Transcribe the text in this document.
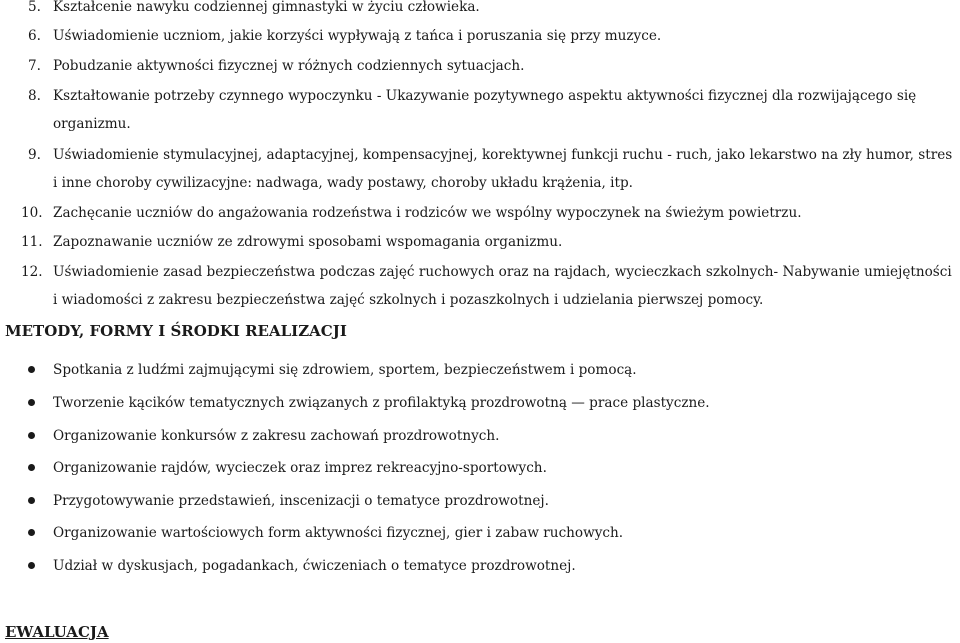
5. Kształcenie nawyku codziennej gimnastyki w życiu człowieka.
6. Uświadomienie uczniom, jakie korzyści wypływają z tańca i poruszania się przy muzyce.
7. Pobudzanie aktywności fizycznej w różnych codziennych sytuacjach.
8. Kształtowanie potrzeby czynnego wypoczynku - Ukazywanie pozytywnego aspektu aktywności fizycznej dla rozwijającego się organizmu.
9. Uświadomienie stymulacyjnej, adaptacyjnej, kompensacyjnej, korektywnej funkcji ruchu - ruch, jako lekarstwo na zły humor, stres i inne choroby cywilizacyjne: nadwaga, wady postawy, choroby układu krążenia, itp.
10. Zachęcanie uczniów do angażowania rodzeństwa i rodziców we wspólny wypoczynek na świeżym powietrzu.
11. Zapoznawanie uczniów ze zdrowymi sposobami wspomagania organizmu.
12. Uświadomienie zasad bezpieczeństwa podczas zajęć ruchowych oraz na rajdach, wycieczkach szkolnych- Nabywanie umiejętności i wiadomości z zakresu bezpieczeństwa zajęć szkolnych i pozaszkolnych i udzielania pierwszej pomocy.
METODY, FORMY I ŚRODKI REALIZACJI
Spotkania z ludźmi zajmującymi się zdrowiem, sportem, bezpieczeństwem i pomocą.
Tworzenie kącików tematycznych związanych z profilaktyką prozdrowotną — prace plastyczne.
Organizowanie konkursów z zakresu zachowań prozdrowotnych.
Organizowanie rajdów, wycieczek oraz imprez rekreacyjno-sportowych.
Przygotowywanie przedstawień, inscenizacji o tematyce prozdrowotnej.
Organizowanie wartościowych form aktywności fizycznej, gier i zabaw ruchowych.
Udział w dyskusjach, pogadankach, ćwiczeniach o tematyce prozdrowotnej.
EWALUACJA
